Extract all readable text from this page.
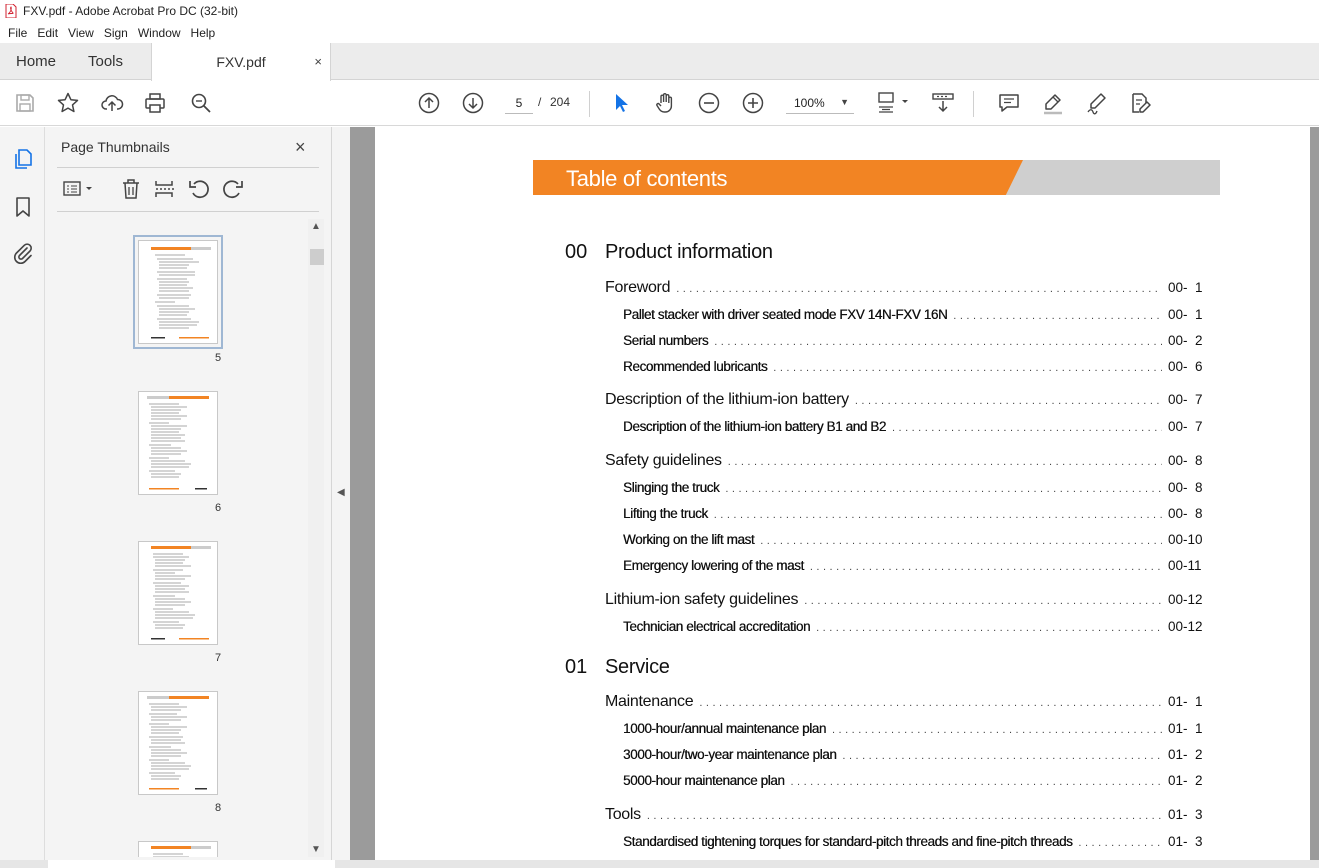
FXV.pdf - Adobe Acrobat Pro DC (32-bit)
File Edit View Sign Window Help
Home Tools	FXV.pdf	×
5	/ 204	100% ▼
Page Thumbnails	×
5
6
7
8
▲
▼
◀
Table of contents
00 Product information
01 Service
Foreword .....	00-  1
Pallet stacker with driver seated mode FXV 14N-FXV 16N .....	00-  1
Serial numbers .....	00-  2
Recommended lubricants .....	00-  6
Description of the lithium-ion battery .....	00-  7
Description of the lithium-ion battery B1 and B2 .....	00-  7
Safety guidelines .....	00-  8
Slinging the truck .....	00-  8
Lifting the truck .....	00-  8
Working on the lift mast .....	00-10
Emergency lowering of the mast .....	00-11
Lithium-ion safety guidelines .....	00-12
Technician electrical accreditation .....	00-12
Maintenance .....	01-  1
1000-hour/annual maintenance plan .....	01-  1
3000-hour/two-year maintenance plan .....	01-  2
5000-hour maintenance plan .....	01-  2
Tools .....	01-  3
Standardised tightening torques for standard-pitch threads and fine-pitch threads .....	01-  3
